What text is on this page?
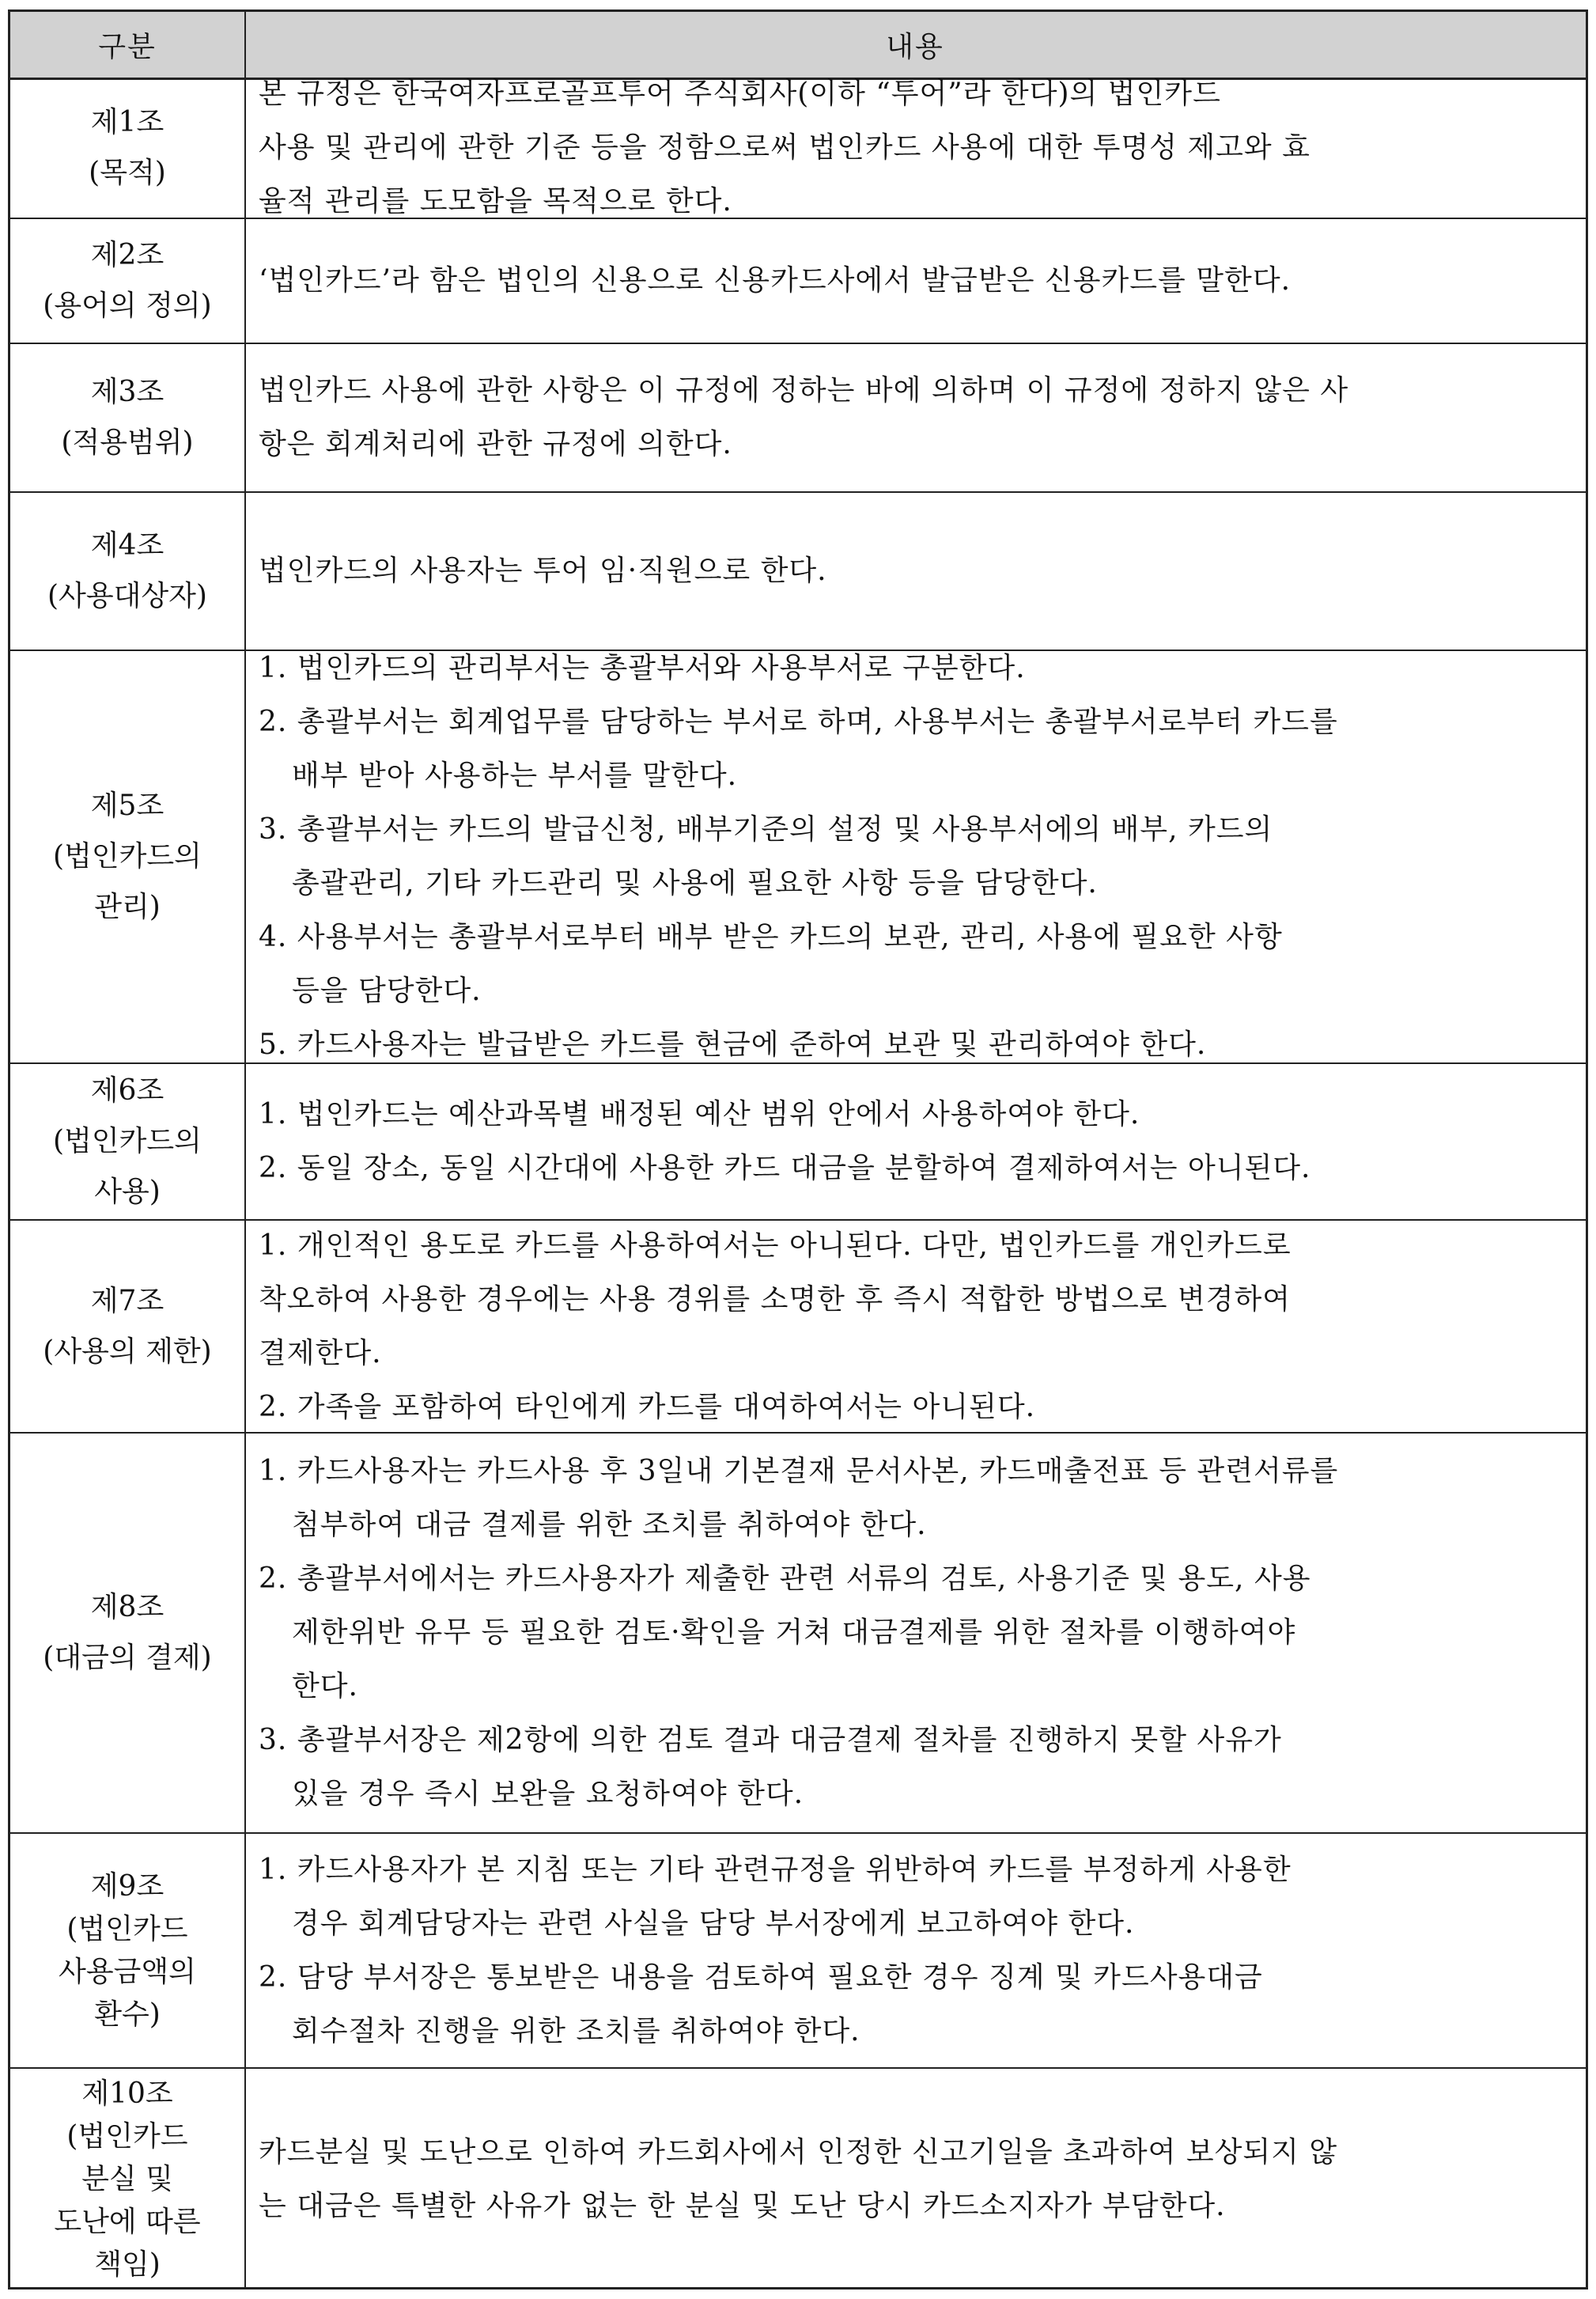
구분	내용
제1조
(목적)
본 규정은 한국여자프로골프투어 주식회사(이하 “투어”라 한다)의 법인카드
사용 및 관리에 관한 기준 등을 정함으로써 법인카드 사용에 대한 투명성 제고와 효
율적 관리를 도모함을 목적으로 한다.
제2조
(용어의 정의)
‘법인카드’라 함은 법인의 신용으로 신용카드사에서 발급받은 신용카드를 말한다.
제3조
(적용범위)
법인카드 사용에 관한 사항은 이 규정에 정하는 바에 의하며 이 규정에 정하지 않은 사
항은 회계처리에 관한 규정에 의한다.
제4조
(사용대상자)
법인카드의 사용자는 투어 임·직원으로 한다.
제5조
(법인카드의
관리)
1. 법인카드의 관리부서는 총괄부서와 사용부서로 구분한다.
2. 총괄부서는 회계업무를 담당하는 부서로 하며, 사용부서는 총괄부서로부터 카드를
배부 받아 사용하는 부서를 말한다.
3. 총괄부서는 카드의 발급신청, 배부기준의 설정 및 사용부서에의 배부, 카드의
총괄관리, 기타 카드관리 및 사용에 필요한 사항 등을 담당한다.
4. 사용부서는 총괄부서로부터 배부 받은 카드의 보관, 관리, 사용에 필요한 사항
등을 담당한다.
5. 카드사용자는 발급받은 카드를 현금에 준하여 보관 및 관리하여야 한다.
제6조
(법인카드의
사용)
1. 법인카드는 예산과목별 배정된 예산 범위 안에서 사용하여야 한다.
2. 동일 장소, 동일 시간대에 사용한 카드 대금을 분할하여 결제하여서는 아니된다.
제7조
(사용의 제한)
1. 개인적인 용도로 카드를 사용하여서는 아니된다. 다만, 법인카드를 개인카드로
착오하여 사용한 경우에는 사용 경위를 소명한 후 즉시 적합한 방법으로 변경하여
결제한다.
2. 가족을 포함하여 타인에게 카드를 대여하여서는 아니된다.
제8조
(대금의 결제)
1. 카드사용자는 카드사용 후 3일내 기본결재 문서사본, 카드매출전표 등 관련서류를
첨부하여 대금 결제를 위한 조치를 취하여야 한다.
2. 총괄부서에서는 카드사용자가 제출한 관련 서류의 검토, 사용기준 및 용도, 사용
제한위반 유무 등 필요한 검토·확인을 거쳐 대금결제를 위한 절차를 이행하여야
한다.
3. 총괄부서장은 제2항에 의한 검토 결과 대금결제 절차를 진행하지 못할 사유가
있을 경우 즉시 보완을 요청하여야 한다.
제9조
(법인카드
사용금액의
환수)
1. 카드사용자가 본 지침 또는 기타 관련규정을 위반하여 카드를 부정하게 사용한
경우 회계담당자는 관련 사실을 담당 부서장에게 보고하여야 한다.
2. 담당 부서장은 통보받은 내용을 검토하여 필요한 경우 징계 및 카드사용대금
회수절차 진행을 위한 조치를 취하여야 한다.
제10조
(법인카드
분실 및
도난에 따른
책임)
카드분실 및 도난으로 인하여 카드회사에서 인정한 신고기일을 초과하여 보상되지 않
는 대금은 특별한 사유가 없는 한 분실 및 도난 당시 카드소지자가 부담한다.
